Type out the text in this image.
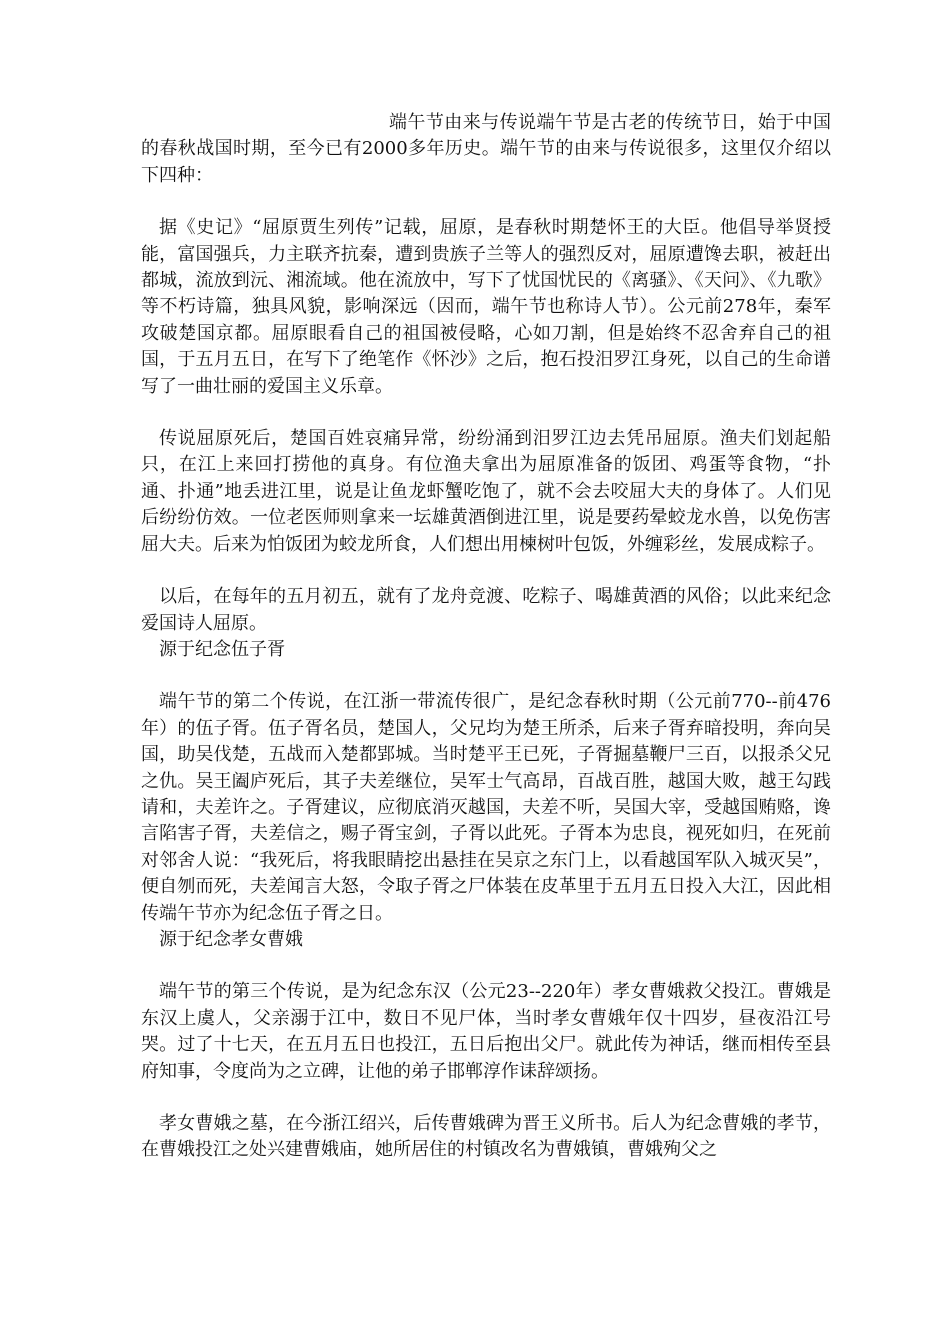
端午节由来与传说端午节是古老的传统节日，始于中国的春秋战国时期，至今已有2000多年历史。端午节的由来与传说很多，这里仅介绍以下四种：

据《史记》“屈原贾生列传”记载，屈原，是春秋时期楚怀王的大臣。他倡导举贤授能，富国强兵，力主联齐抗秦，遭到贵族子兰等人的强烈反对，屈原遭馋去职，被赶出都城，流放到沅、湘流域。他在流放中，写下了忧国忧民的《离骚》、《天问》、《九歌》等不朽诗篇，独具风貌，影响深远（因而，端午节也称诗人节）。公元前278年，秦军攻破楚国京都。屈原眼看自己的祖国被侵略，心如刀割，但是始终不忍舍弃自己的祖国，于五月五日，在写下了绝笔作《怀沙》之后，抱石投汨罗江身死，以自己的生命谱写了一曲壮丽的爱国主义乐章。

传说屈原死后，楚国百姓哀痛异常，纷纷涌到汨罗江边去凭吊屈原。渔夫们划起船只，在江上来回打捞他的真身。有位渔夫拿出为屈原准备的饭团、鸡蛋等食物，“扑通、扑通”地丢进江里，说是让鱼龙虾蟹吃饱了，就不会去咬屈大夫的身体了。人们见后纷纷仿效。一位老医师则拿来一坛雄黄酒倒进江里，说是要药晕蛟龙水兽，以免伤害屈大夫。后来为怕饭团为蛟龙所食，人们想出用楝树叶包饭，外缠彩丝，发展成粽子。

以后，在每年的五月初五，就有了龙舟竞渡、吃粽子、喝雄黄酒的风俗；以此来纪念爱国诗人屈原。

源于纪念伍子胥

端午节的第二个传说，在江浙一带流传很广，是纪念春秋时期（公元前770--前476年）的伍子胥。伍子胥名员，楚国人，父兄均为楚王所杀，后来子胥弃暗投明，奔向吴国，助吴伐楚，五战而入楚都郢城。当时楚平王已死，子胥掘墓鞭尸三百，以报杀父兄之仇。吴王阖庐死后，其子夫差继位，吴军士气高昂，百战百胜，越国大败，越王勾践请和，夫差许之。子胥建议，应彻底消灭越国，夫差不听，吴国大宰，受越国贿赂，谗言陷害子胥，夫差信之，赐子胥宝剑，子胥以此死。子胥本为忠良，视死如归，在死前对邻舍人说：“我死后，将我眼睛挖出悬挂在吴京之东门上，以看越国军队入城灭吴”，便自刎而死，夫差闻言大怒，令取子胥之尸体装在皮革里于五月五日投入大江，因此相传端午节亦为纪念伍子胥之日。

源于纪念孝女曹娥

端午节的第三个传说，是为纪念东汉（公元23--220年）孝女曹娥救父投江。曹娥是东汉上虞人，父亲溺于江中，数日不见尸体，当时孝女曹娥年仅十四岁，昼夜沿江号哭。过了十七天，在五月五日也投江，五日后抱出父尸。就此传为神话，继而相传至县府知事，令度尚为之立碑，让他的弟子邯郸淳作诔辞颂扬。

孝女曹娥之墓，在今浙江绍兴，后传曹娥碑为晋王义所书。后人为纪念曹娥的孝节，在曹娥投江之处兴建曹娥庙，她所居住的村镇改名为曹娥镇，曹娥殉父之
